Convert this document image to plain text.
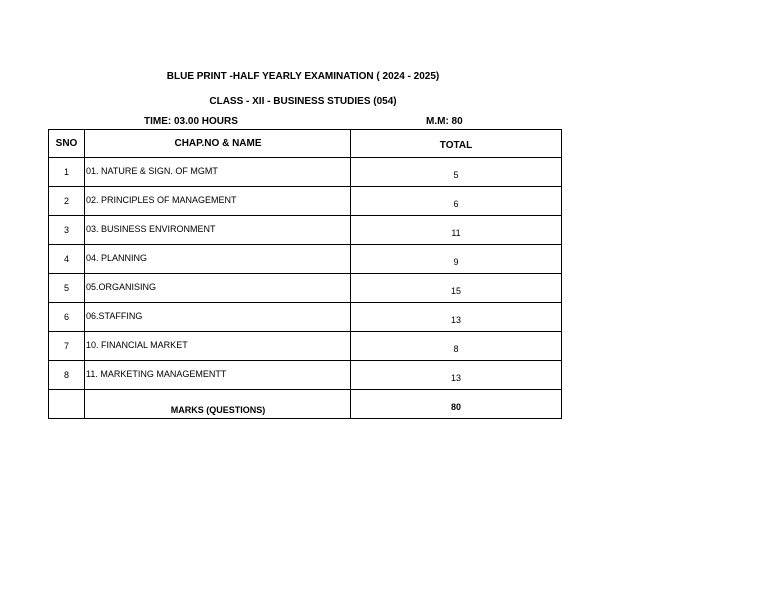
BLUE PRINT -HALF YEARLY EXAMINATION ( 2024 - 2025)
CLASS - XII - BUSINESS STUDIES (054)
TIME: 03.00 HOURS	M.M: 80
SNO	CHAP.NO & NAME	TOTAL
1	01. NATURE & SIGN. OF MGMT	5
2	02. PRINCIPLES OF MANAGEMENT	6
3	03. BUSINESS ENVIRONMENT	11
4	04. PLANNING	9
5	05.ORGANISING	15
6	06.STAFFING	13
7	10. FINANCIAL MARKET	8
8	11. MARKETING MANAGEMENTT	13
	MARKS (QUESTIONS)	80
